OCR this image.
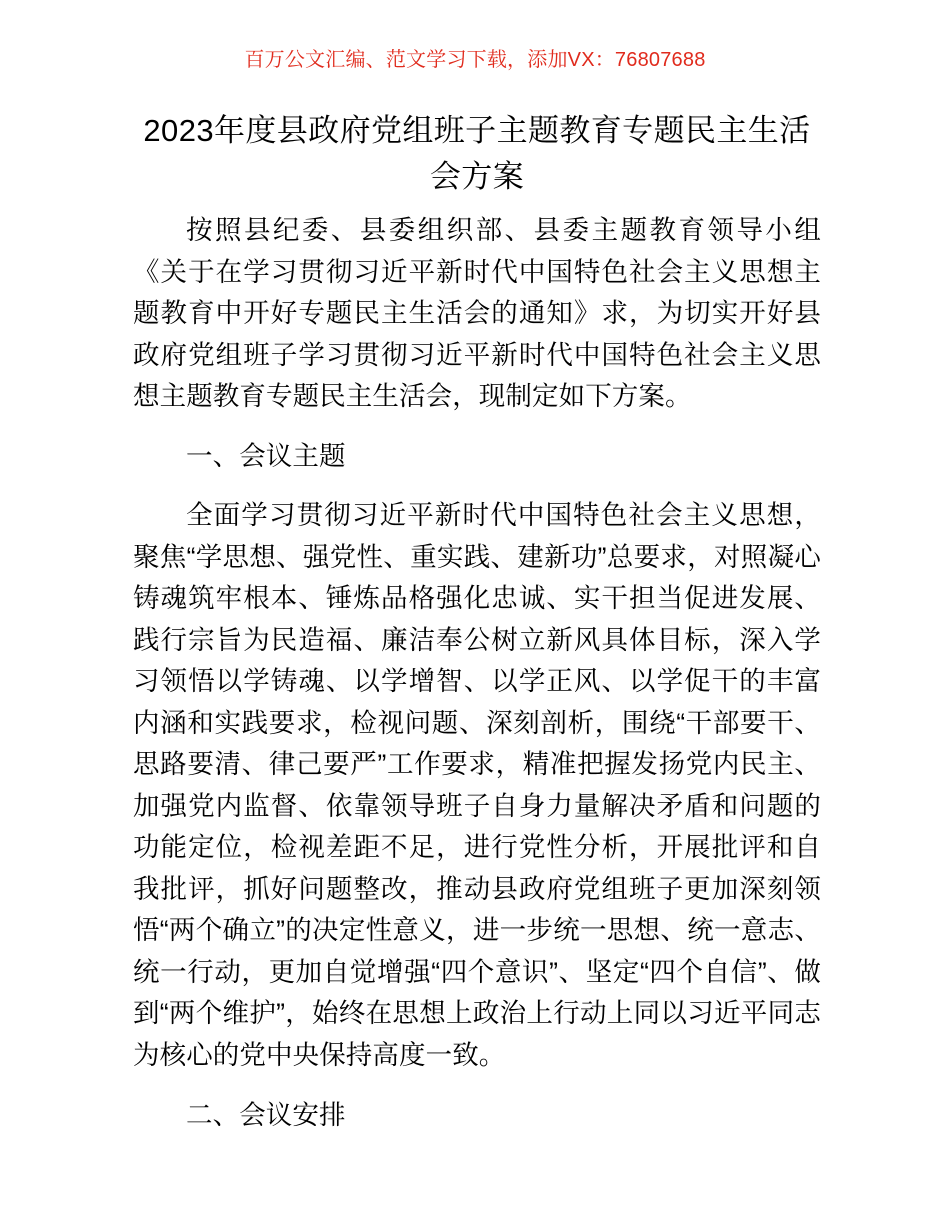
百万公文汇编、范文学习下载，添加VX：76807688
2023年度县政府党组班子主题教育专题民主生活会方案

按照县纪委、县委组织部、县委主题教育领导小组《关于在学习贯彻习近平新时代中国特色社会主义思想主题教育中开好专题民主生活会的通知》求，为切实开好县政府党组班子学习贯彻习近平新时代中国特色社会主义思想主题教育专题民主生活会，现制定如下方案。

一、会议主题

全面学习贯彻习近平新时代中国特色社会主义思想，聚焦“学思想、强党性、重实践、建新功”总要求，对照凝心铸魂筑牢根本、锤炼品格强化忠诚、实干担当促进发展、践行宗旨为民造福、廉洁奉公树立新风具体目标，深入学习领悟以学铸魂、以学增智、以学正风、以学促干的丰富内涵和实践要求，检视问题、深刻剖析，围绕“干部要干、思路要清、律己要严”工作要求，精准把握发扬党内民主、加强党内监督、依靠领导班子自身力量解决矛盾和问题的功能定位，检视差距不足，进行党性分析，开展批评和自我批评，抓好问题整改，推动县政府党组班子更加深刻领悟“两个确立”的决定性意义，进一步统一思想、统一意志、统一行动，更加自觉增强“四个意识”、坚定“四个自信”、做到“两个维护”，始终在思想上政治上行动上同以习近平同志为核心的党中央保持高度一致。

二、会议安排
